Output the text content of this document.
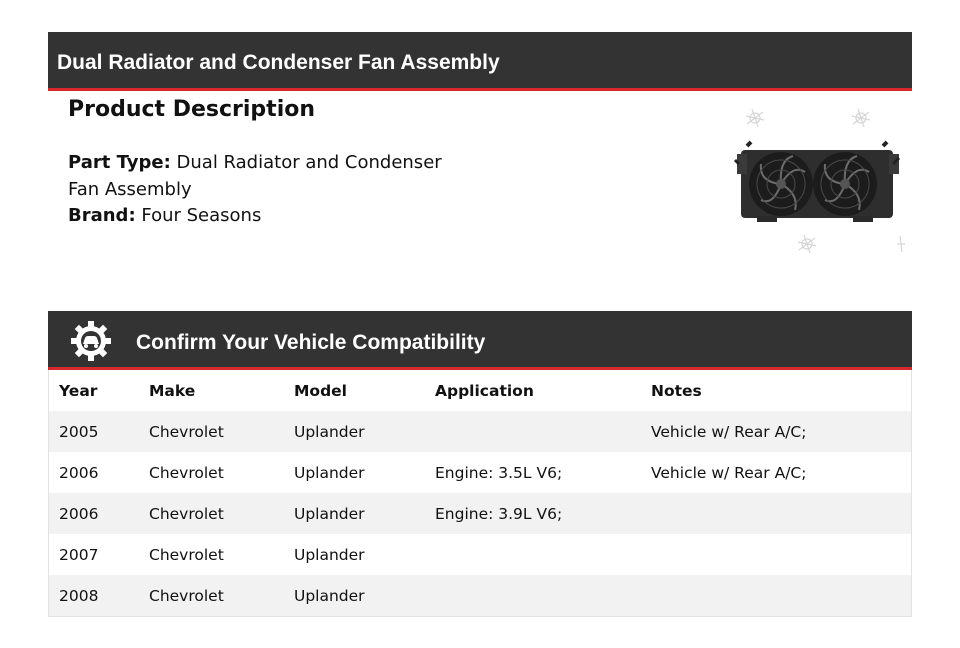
Dual Radiator and Condenser Fan Assembly
Product Description
Part Type: Dual Radiator and Condenser Fan Assembly
Brand: Four Seasons
Confirm Your Vehicle Compatibility
Year	Make	Model	Application	Notes
2005	Chevrolet	Uplander		Vehicle w/ Rear A/C;
2006	Chevrolet	Uplander	Engine: 3.5L V6;	Vehicle w/ Rear A/C;
2006	Chevrolet	Uplander	Engine: 3.9L V6;	
2007	Chevrolet	Uplander		
2008	Chevrolet	Uplander		
